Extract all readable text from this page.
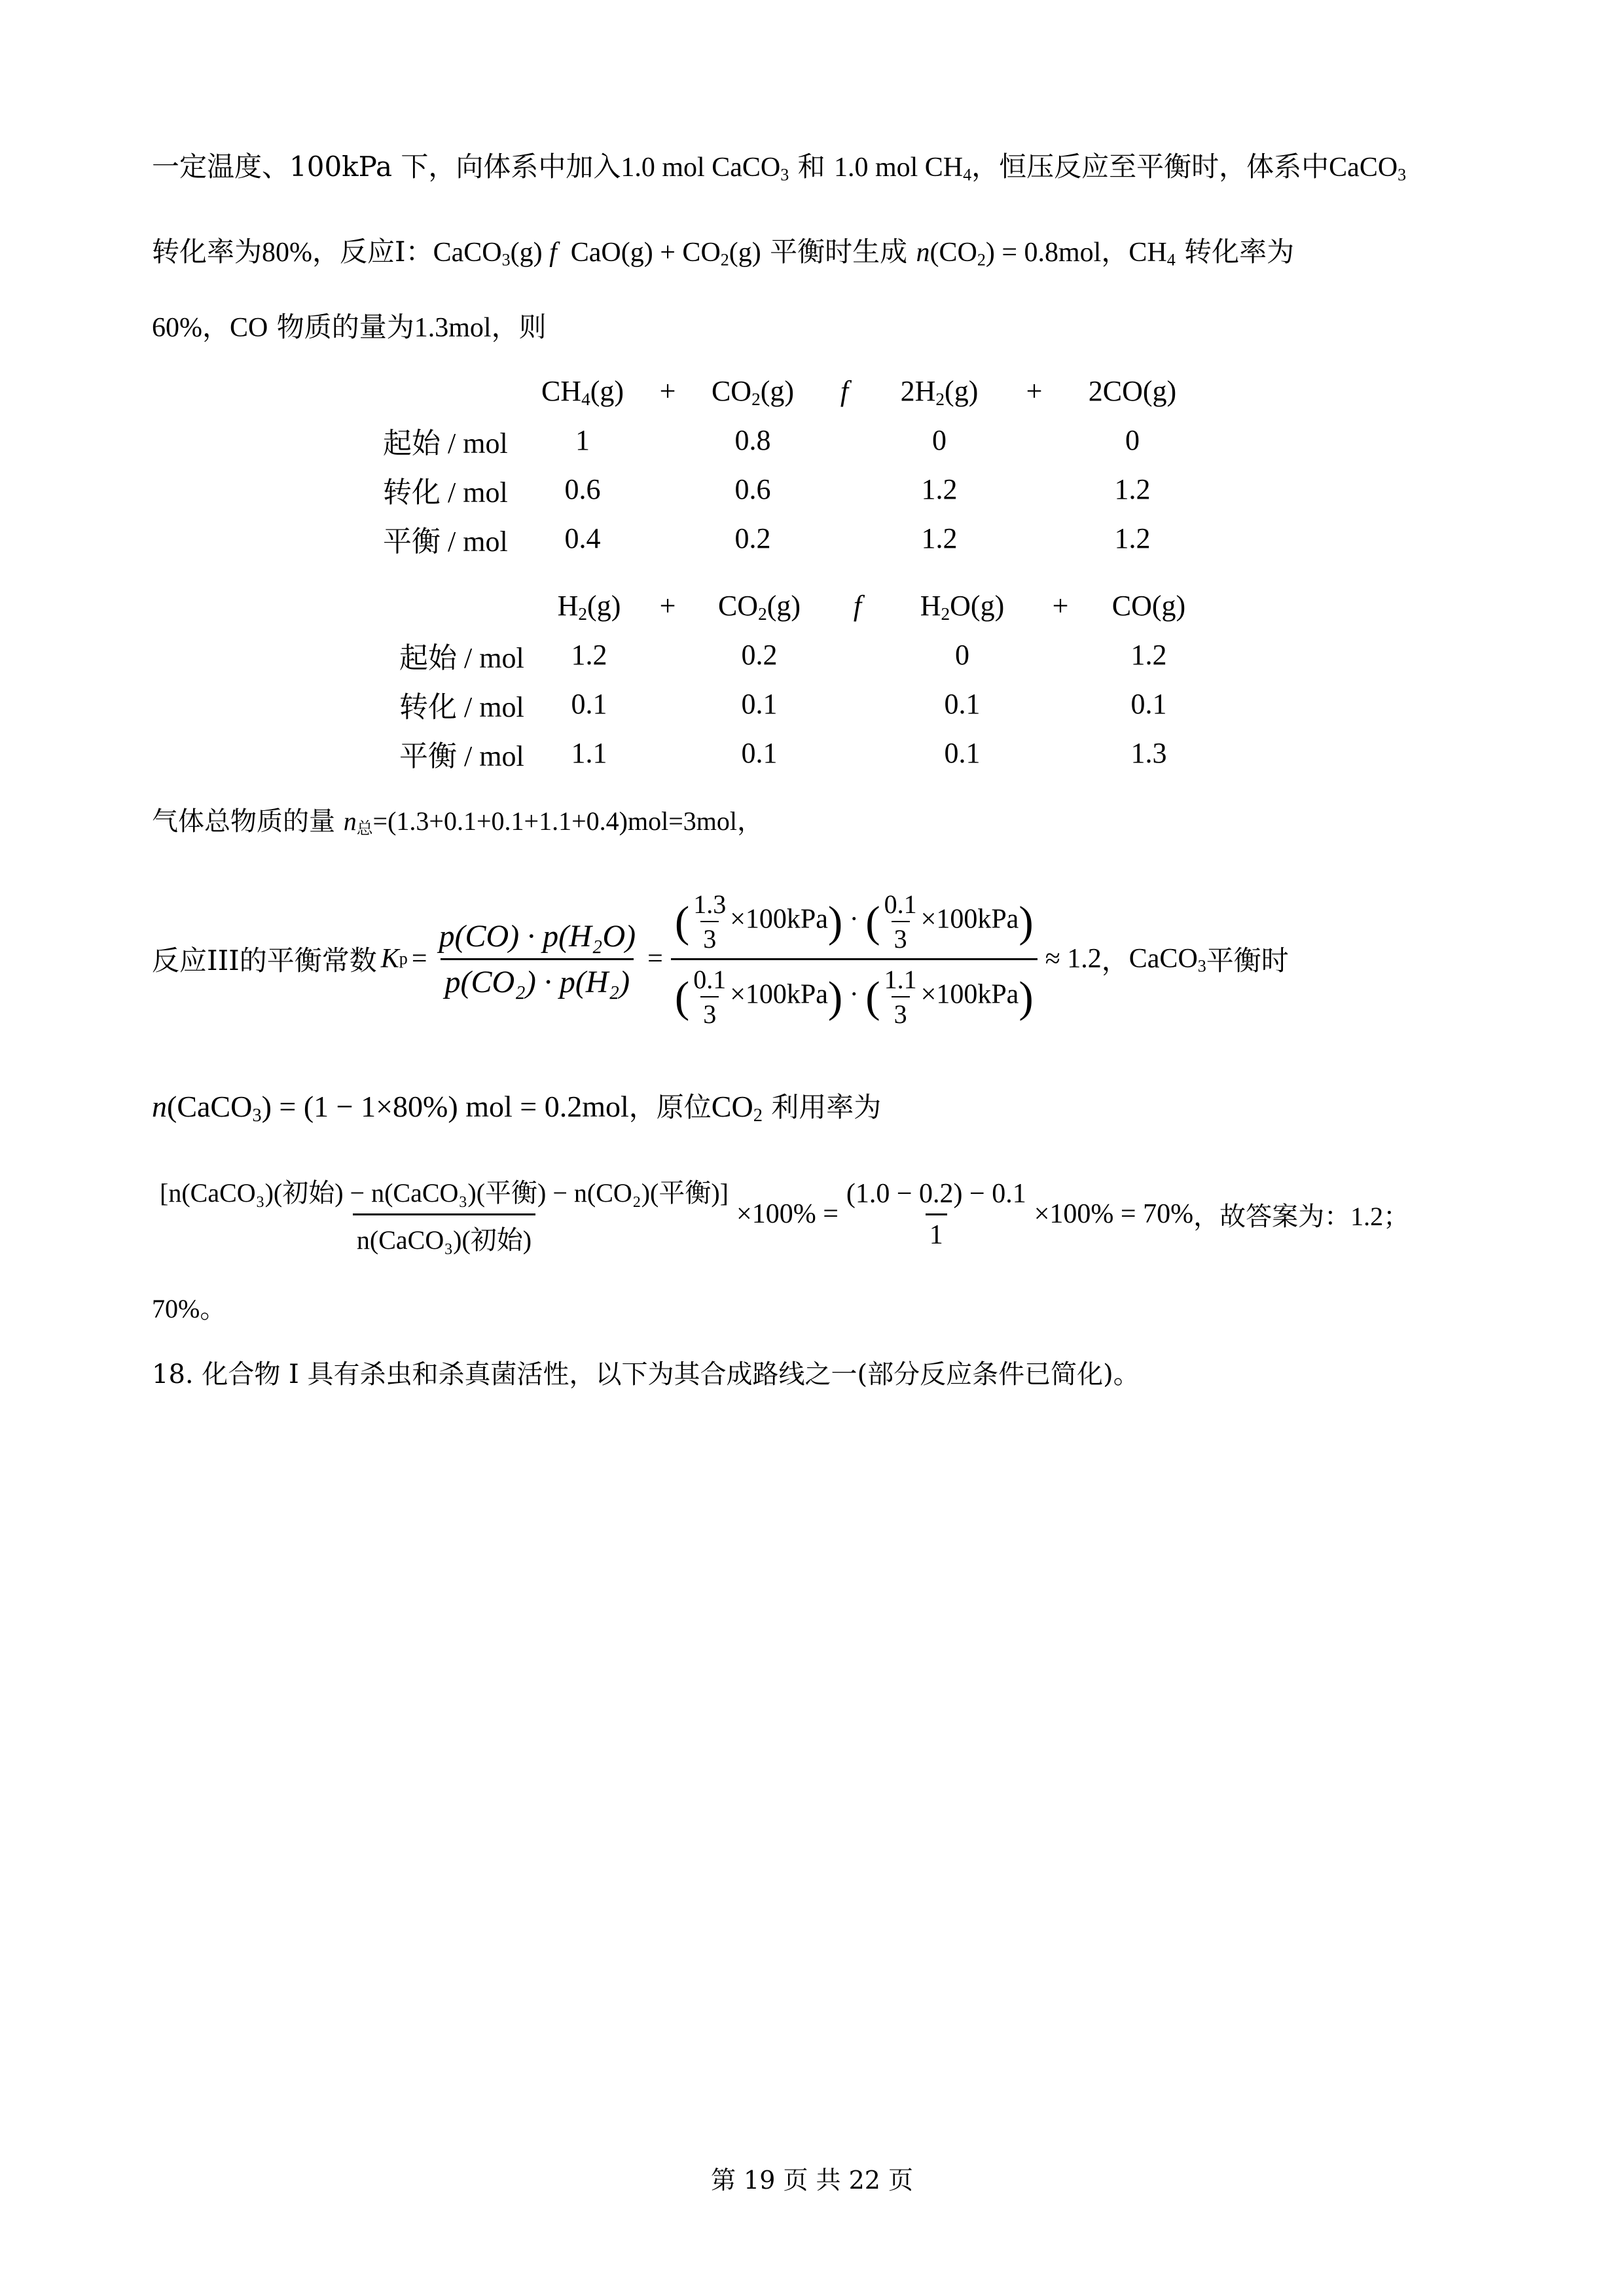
一定温度、100kPa 下，向体系中加入1.0 mol CaCO$_3$ 和 1.0 mol $CH_4$，恒压反应至平衡时，体系中CaCO$_3$
转化率为80%，反应I：CaCO$_3$(g) f $CaO(g) + CO_2(g)$ 平衡时生成 $n(CO_2) = 0.8mol$，$CH_4$ 转化率为
60%，CO 物质的量为1.3mol，则
	$CH_4(g)$	+	$CO_2(g)$	f	$2H_2(g)$	+	2CO(g)
起始 / mol	1		0.8		0		0
转化 / mol	0.6		0.6		1.2		1.2
平衡 / mol	0.4		0.2		1.2		1.2
	$H_2(g)$	+	$CO_2(g)$	f	$H_2O(g)$	+	CO(g)
起始 / mol	1.2		0.2		0		1.2
转化 / mol	0.1		0.1		0.1		0.1
平衡 / mol	1.1		0.1		0.1		1.3
气体总物质的量 $n_总=(1.3+0.1+0.1+1.1+0.4)mol=3mol$，
反应III的平衡常数 K $p = \frac{\text{p(CO) · p(H₂O)}}{\text{p(CO₂) · p(H₂)}} = \frac{( \frac{1.3}{3} \times 100kPa) \cdot ( \frac{0.1}{3} \times 100kPa)}{( \frac{0.1}{3} \times 100kPa) \cdot ( \frac{1.1}{3} \times 100kPa)} \approx 1.2$ ， CaCO$_3$ 平衡时
n(CaCO$_3$) = (1 − 1×80%) mol = 0.2mol，原位$CO_2$ 利用率为
$\frac{\text{[n(CaCO₃)(初始) − n(CaCO₃)(平衡) − n(CO₂)(平衡)]}}{\text{n(CaCO₃)(初始)}} \times 100\% = \frac{(1.0 - 0.2) - 0.1}{1} \times 100\% = 70\%$ ，故答案为：1.2；
70%。
18. 化合物 I 具有杀虫和杀真菌活性，以下为其合成路线之一(部分反应条件已简化)。
第 19 页 共 22 页
